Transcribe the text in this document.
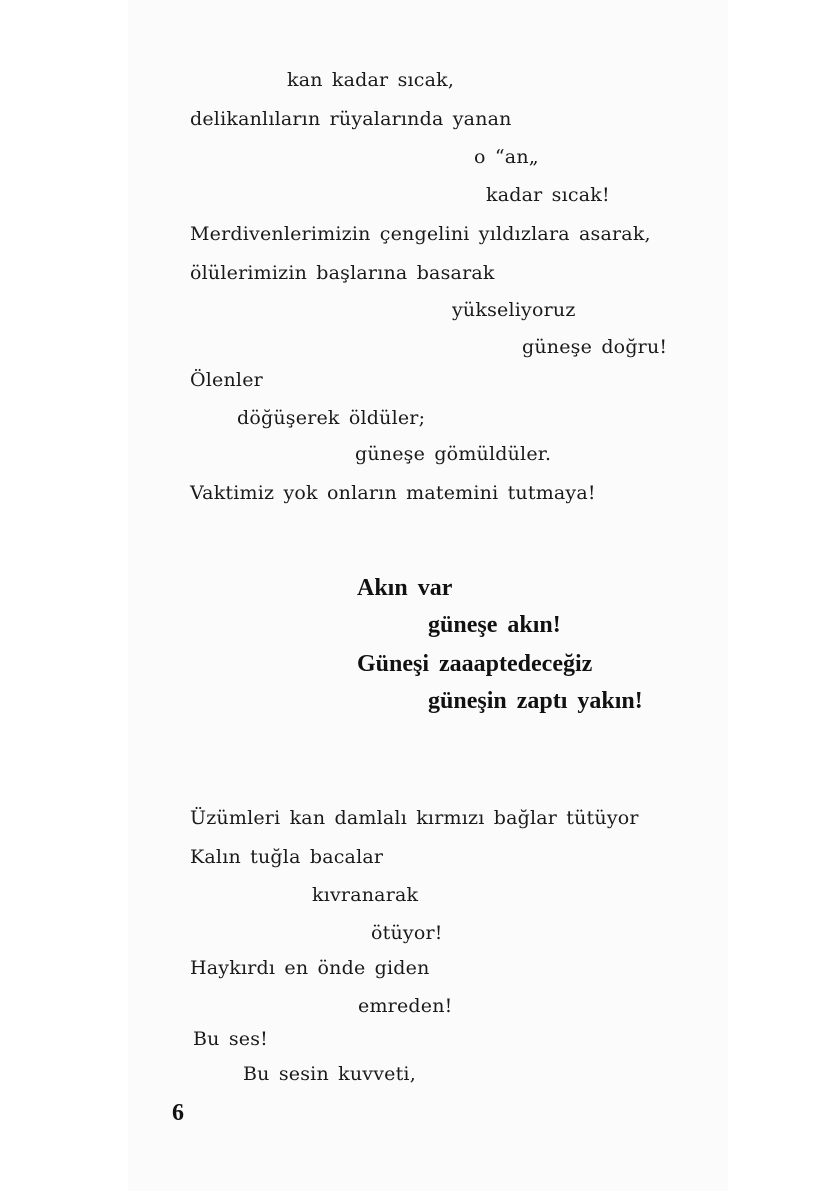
kan kadar sıcak,
delikanlıların rüyalarında yanan
o “an„
kadar sıcak!
Merdivenlerimizin çengelini yıldızlara asarak,
ölülerimizin başlarına basarak
yükseliyoruz
güneşe doğru!
Ölenler
döğüşerek öldüler;
güneşe gömüldüler.
Vaktimiz yok onların matemini tutmaya!
Akın var
güneşe akın!
Güneşi zaaaptedeceğiz
güneşin zaptı yakın!
Üzümleri kan damlalı kırmızı bağlar tütüyor
Kalın tuğla bacalar
kıvranarak
ötüyor!
Haykırdı en önde giden
emreden!
Bu ses!
Bu sesin kuvveti,
6
